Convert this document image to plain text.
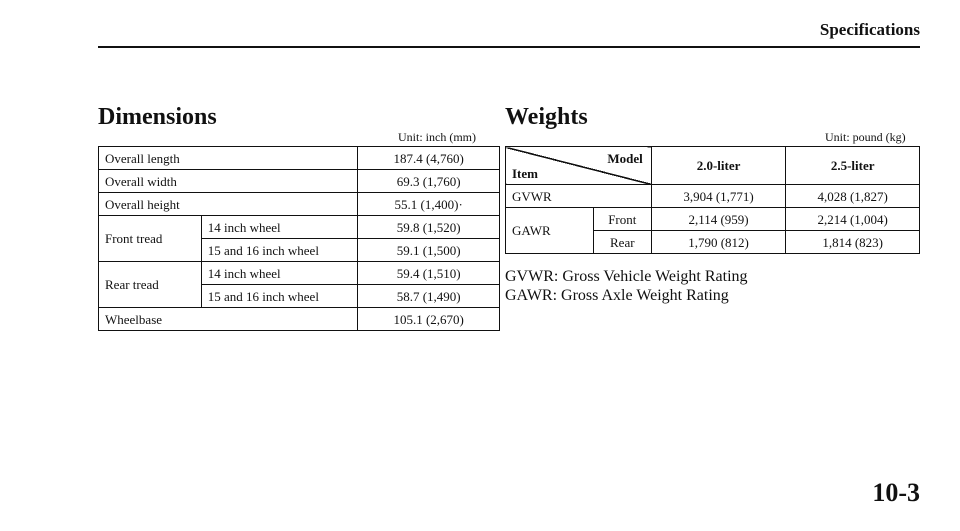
Specifications
Dimensions
Unit: inch (mm)
Overall length		187.4 (4,760)
Overall width		69.3 (1,760)
Overall height		55.1 (1,400)·
Front tread	14 inch wheel	59.8 (1,520)
	15 and 16 inch wheel	59.1 (1,500)
Rear tread	14 inch wheel	59.4 (1,510)
	15 and 16 inch wheel	58.7 (1,490)
Wheelbase		105.1 (2,670)
Weights
Unit: pound (kg)
Model
Item		2.0-liter	2.5-liter
GVWR		3,904 (1,771)	4,028 (1,827)
GAWR	Front	2,114 (959)	2,214 (1,004)
	Rear	1,790 (812)	1,814 (823)
GVWR: Gross Vehicle Weight Rating
GAWR: Gross Axle Weight Rating
10-3
